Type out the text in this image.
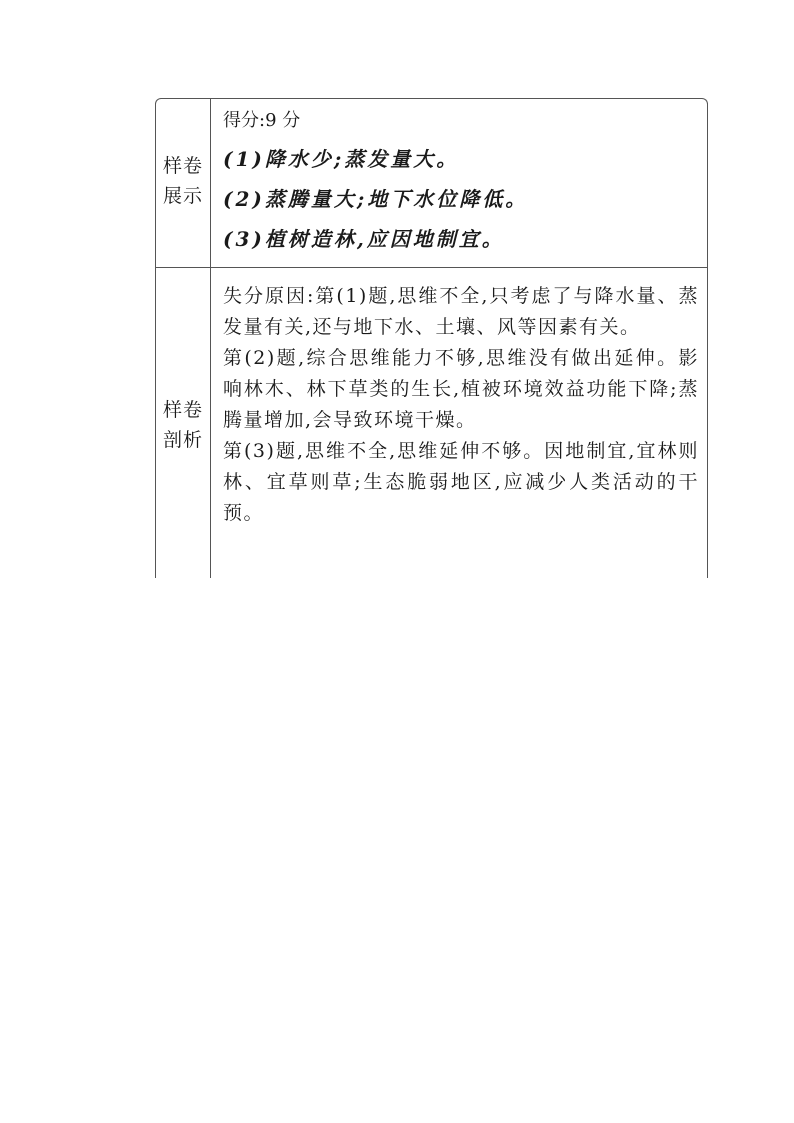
样卷
展示

得分:9 分

(1)降水少;蒸发量大。

(2)蒸腾量大;地下水位降低。

(3)植树造林,应因地制宜。

样卷
剖析

失分原因:第(1)题,思维不全,只考虑了与降水量、蒸发量有关,还与地下水、土壤、风等因素有关。

第(2)题,综合思维能力不够,思维没有做出延伸。影响林木、林下草类的生长,植被环境效益功能下降;蒸腾量增加,会导致环境干燥。

第(3)题,思维不全,思维延伸不够。因地制宜,宜林则林、宜草则草;生态脆弱地区,应减少人类活动的干预。
